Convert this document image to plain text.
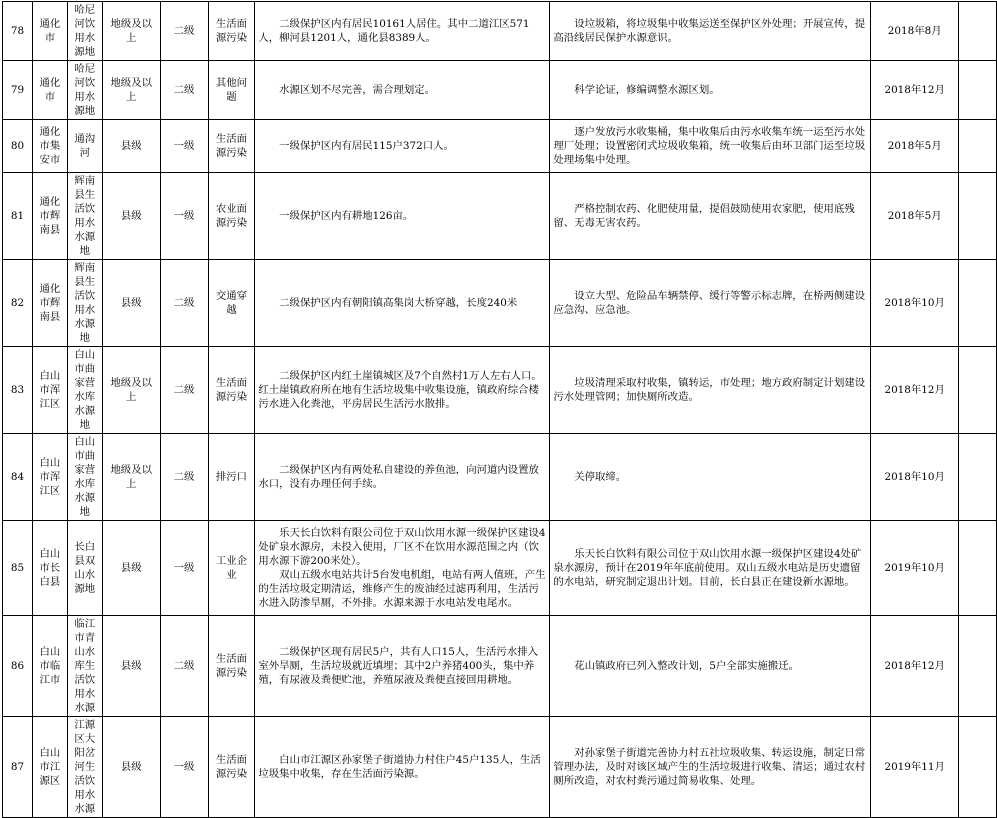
78	通化市	哈尼河饮用水源地	地级及以上	二级	生活面源污染	二级保护区内有居民10161人居住。其中二道江区571人，柳河县1201人，通化县8389人。	设垃圾箱，将垃圾集中收集运送至保护区外处理；开展宣传，提高沿线居民保护水源意识。	2018年8月	
79	通化市	哈尼河饮用水源地	地级及以上	二级	其他问题	水源区划不尽完善，需合理划定。	科学论证，修编调整水源区划。	2018年12月	
80	通化市集安市	通沟河	县级	一级	生活面源污染	一级保护区内有居民115户372口人。	逐户发放污水收集桶，集中收集后由污水收集车统一运至污水处理厂处理；设置密闭式垃圾收集箱，统一收集后由环卫部门运至垃圾处理场集中处理。	2018年5月	
81	通化市辉南县	辉南县生活饮用水水源地	县级	一级	农业面源污染	一级保护区内有耕地126亩。	严格控制农药、化肥使用量，提倡鼓励使用农家肥，使用底残留、无毒无害农药。	2018年5月	
82	通化市辉南县	辉南县生活饮用水水源地	县级	二级	交通穿越	二级保护区内有朝阳镇高集岗大桥穿越，长度240米	设立大型、危险品车辆禁停、缓行等警示标志牌，在桥两侧建设应急沟、应急池。	2018年10月	
83	白山市浑江区	白山市曲家营水库水源地	地级及以上	二级	生活面源污染	二级保护区内红土崖镇城区及7个自然村1万人左右人口。红土崖镇政府所在地有生活垃圾集中收集设施，镇政府综合楼污水进入化粪池，平房居民生活污水散排。	垃圾清理采取村收集，镇转运，市处理；地方政府制定计划建设污水处理管网；加快厕所改造。	2018年12月	
84	白山市浑江区	白山市曲家营水库水源地	地级及以上	二级	排污口	二级保护区内有两处私自建设的养鱼池，向河道内设置放水口，没有办理任何手续。	关停取缔。	2018年10月	
85	白山市长白县	长白县双山水源地	县级	一级	工业企业	乐天长白饮料有限公司位于双山饮用水源一级保护区建设4处矿泉水源房，未投入使用，厂区不在饮用水源范围之内（饮用水源下游200米处）。
双山五级水电站共计5台发电机组，电站有两人值班，产生的生活垃圾定期清运，维修产生的废油经过滤再利用，生活污水进入防渗旱厕，不外排。水源来源于水电站发电尾水。	乐天长白饮料有限公司位于双山饮用水源一级保护区建设4处矿泉水源房，预计在2019年年底前使用。双山五级水电站是历史遗留的水电站，研究制定退出计划。目前，长白县正在建设新水源地。	2019年10月	
86	白山市临江市	临江市青山水库生活饮用水水源	县级	二级	生活面源污染	二级保护区现有居民5户，共有人口15人，生活污水排入室外旱厕，生活垃圾就近填埋；其中2户养猪400头，集中养殖，有尿液及粪便贮池，养殖尿液及粪便直接回用耕地。	花山镇政府已列入整改计划，5户全部实施搬迁。	2018年12月	
87	白山市江源区	江源区大阳岔河生活饮用水水源	县级	一级	生活面源污染	白山市江源区孙家堡子街道协力村住户45户135人，生活垃圾集中收集，存在生活面污染源。	对孙家堡子街道完善协力村五社垃圾收集、转运设施，制定日常管理办法，及时对该区域产生的生活垃圾进行收集、清运；通过农村厕所改造，对农村粪污通过简易收集、处理。	2019年11月	
